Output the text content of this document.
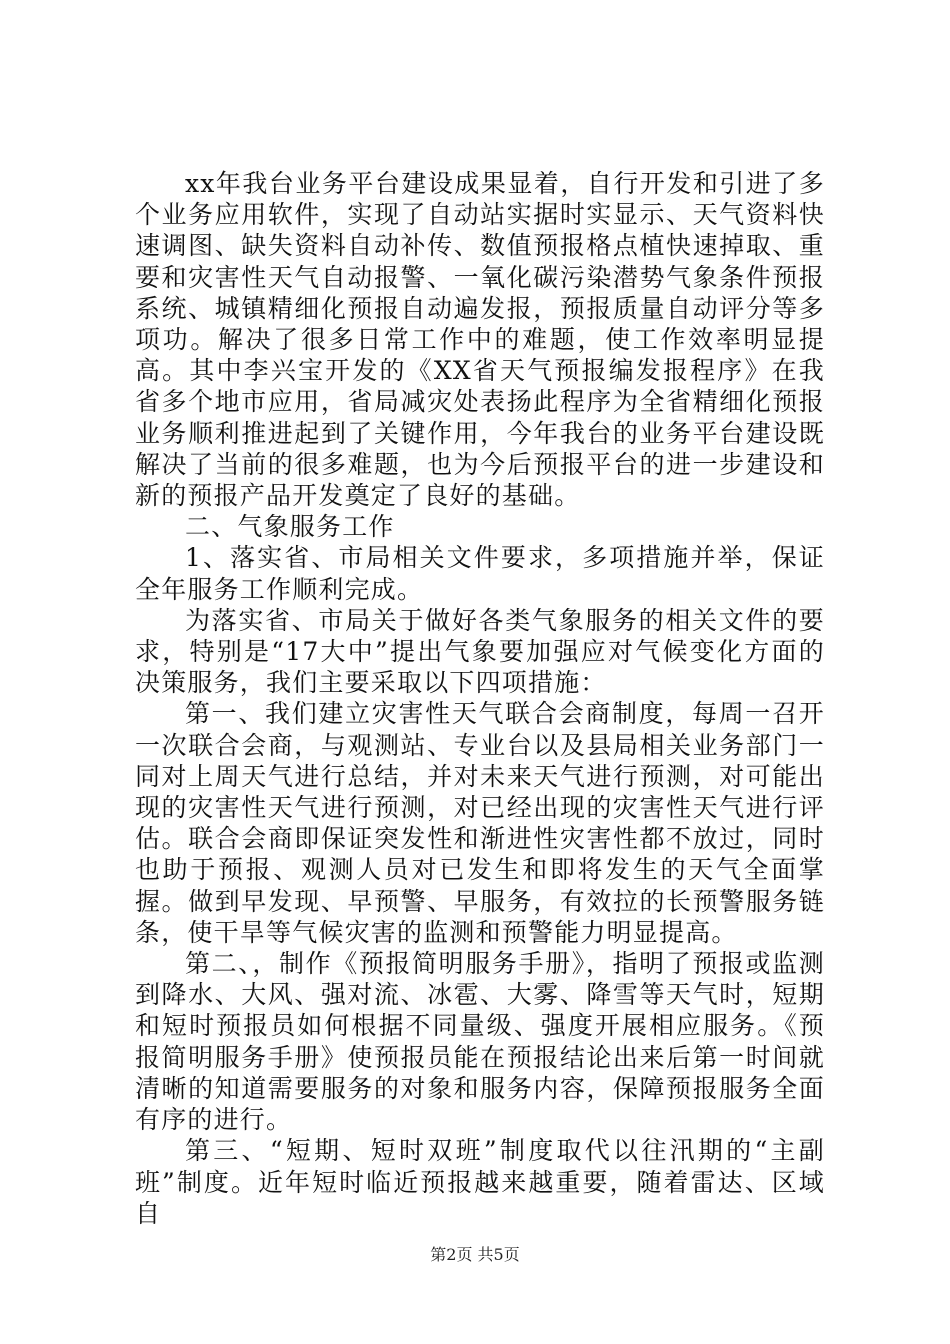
xx年我台业务平台建设成果显着，自行开发和引进了多个业务应用软件，实现了自动站实据时实显示、天气资料快速调图、缺失资料自动补传、数值预报格点植快速掉取、重要和灾害性天气自动报警、一氧化碳污染潜势气象条件预报系统、城镇精细化预报自动遍发报，预报质量自动评分等多项功。解决了很多日常工作中的难题，使工作效率明显提高。其中李兴宝开发的《XX省天气预报编发报程序》在我省多个地市应用，省局减灾处表扬此程序为全省精细化预报业务顺利推进起到了关键作用，今年我台的业务平台建设既解决了当前的很多难题，也为今后预报平台的进一步建设和新的预报产品开发奠定了良好的基础。

二、气象服务工作

1、落实省、市局相关文件要求，多项措施并举，保证全年服务工作顺利完成。

为落实省、市局关于做好各类气象服务的相关文件的要求，特别是“17大中”提出气象要加强应对气候变化方面的决策服务，我们主要采取以下四项措施：

第一、我们建立灾害性天气联合会商制度，每周一召开一次联合会商，与观测站、专业台以及县局相关业务部门一同对上周天气进行总结，并对未来天气进行预测，对可能出现的灾害性天气进行预测，对已经出现的灾害性天气进行评估。联合会商即保证突发性和渐进性灾害性都不放过，同时也助于预报、观测人员对已发生和即将发生的天气全面掌握。做到早发现、早预警、早服务，有效拉的长预警服务链条，使干旱等气候灾害的监测和预警能力明显提高。

第二、，制作《预报简明服务手册》，指明了预报或监测到降水、大风、强对流、冰雹、大雾、降雪等天气时，短期和短时预报员如何根据不同量级、强度开展相应服务。《预报简明服务手册》使预报员能在预报结论出来后第一时间就清晰的知道需要服务的对象和服务内容，保障预报服务全面有序的进行。

第三、“短期、短时双班”制度取代以往汛期的“主副班”制度。近年短时临近预报越来越重要，随着雷达、区域自

第2页 共5页
